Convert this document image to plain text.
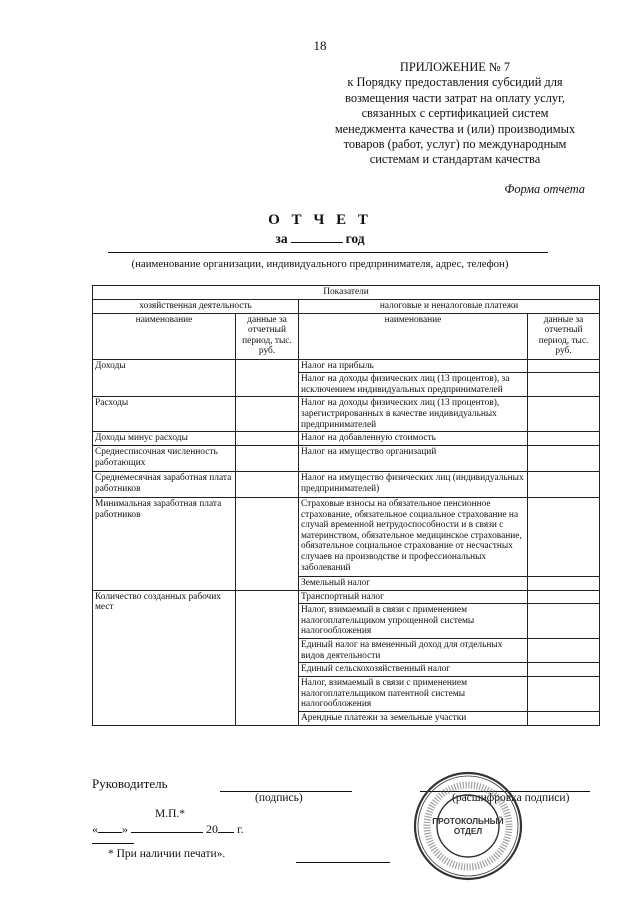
18
ПРИЛОЖЕНИЕ № 7
к Порядку предоставления субсидий для
возмещения части затрат на оплату услуг,
связанных с сертификацией систем
менеджмента качества и (или) производимых
товаров (работ, услуг) по международным
системам и стандартам качества
Форма отчета
О Т Ч Е Т
за	год
(наименование организации, индивидуального предпринимателя, адрес, телефон)
Показатели			
хозяйственная деятельность		налоговые и неналоговые платежи	
наименование	данные за отчетный период, тыс. руб.	наименование	данные за отчетный период, тыс. руб.
Доходы		Налог на прибыль	
		Налог на доходы физических лиц (13 процентов), за исключением индивидуальных предпринимателей	
Расходы		Налог на доходы физических лиц (13 процентов), зарегистрированных в качестве индивидуальных предпринимателей	
Доходы минус расходы		Налог на добавленную стоимость	
Среднесписочная численность работающих		Налог на имущество организаций	
Среднемесячная заработная плата работников		Налог на имущество физических лиц (индивидуальных предпринимателей)	
Минимальная заработная плата работников		Страховые взносы на обязательное пенсионное страхование, обязательное социальное страхование на случай временной нетрудоспособности и в связи с материнством, обязательное медицинское страхование, обязательное социальное страхование от несчастных случаев на производстве и профессиональных заболеваний	
		Земельный налог	
Количество созданных рабочих мест		Транспортный налог	
		Налог, взимаемый в связи с применением налогоплательщиком упрощенной системы налогообложения	
		Единый налог на вмененный доход для отдельных видов деятельности	
		Единый сельскохозяйственный налог	
		Налог, взимаемый в связи с применением налогоплательщиком патентной системы налогообложения	
		Арендные платежи за земельные участки	
Руководитель
(подпись)	(расшифровка подписи)
М.П.*
« »	20 г.
* При наличии печати».
ПРОТОКОЛЬНЫЙ
ОТДЕЛ
